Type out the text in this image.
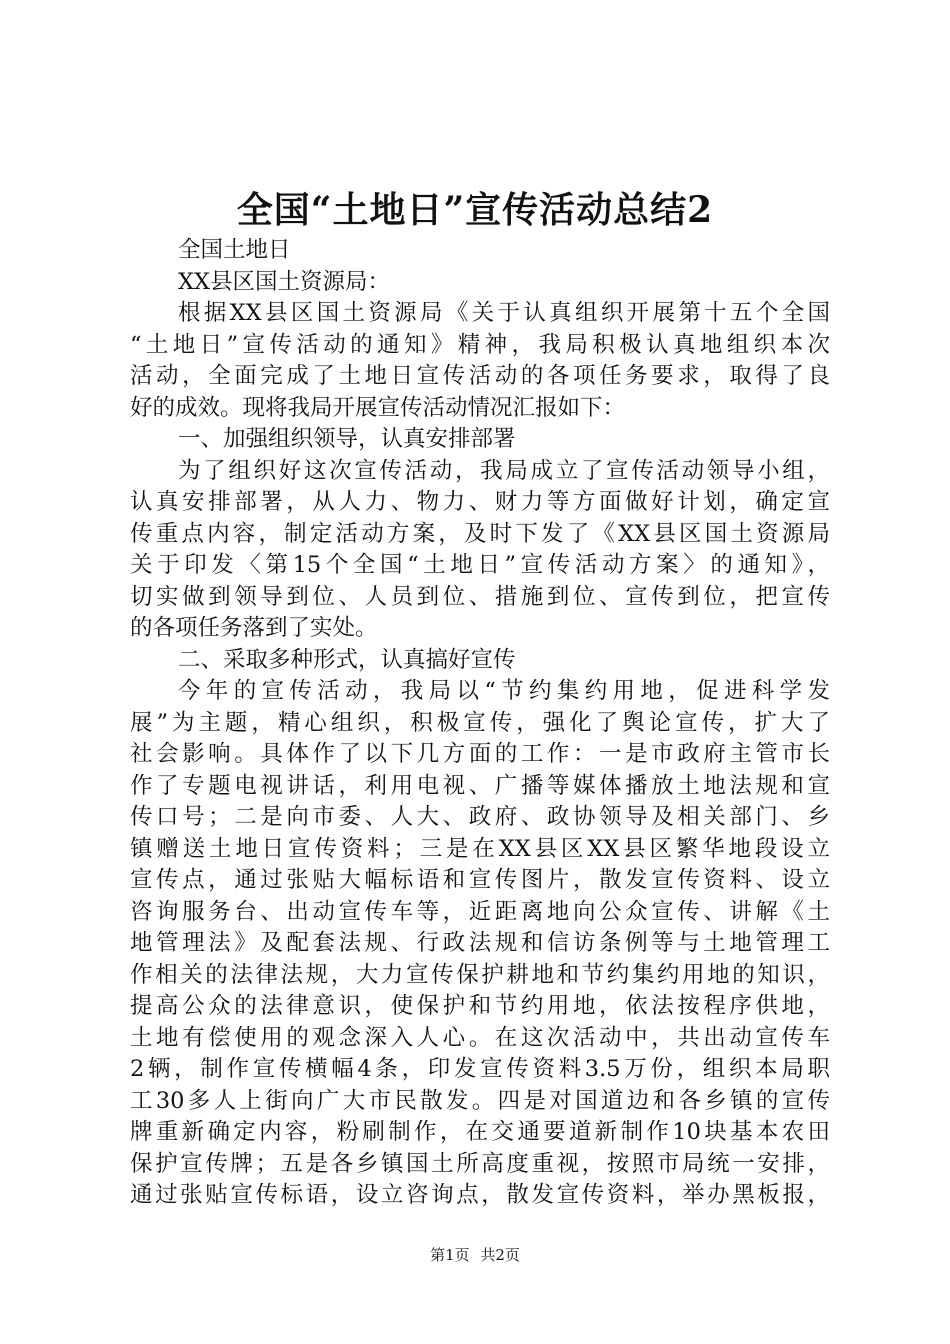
全国“土地日”宣传活动总结2
全国土地日
XX县区国土资源局：
根据XX县区国土资源局《关于认真组织开展第十五个全国
“土地日”宣传活动的通知》精神，我局积极认真地组织本次
活动，全面完成了土地日宣传活动的各项任务要求，取得了良
好的成效。现将我局开展宣传活动情况汇报如下：
一、加强组织领导，认真安排部署
为了组织好这次宣传活动，我局成立了宣传活动领导小组，
认真安排部署，从人力、物力、财力等方面做好计划，确定宣
传重点内容，制定活动方案，及时下发了《XX县区国土资源局
关于印发〈第15个全国“土地日”宣传活动方案〉的通知》，
切实做到领导到位、人员到位、措施到位、宣传到位，把宣传
的各项任务落到了实处。
二、采取多种形式，认真搞好宣传
今年的宣传活动，我局以“节约集约用地，促进科学发
展”为主题，精心组织，积极宣传，强化了舆论宣传，扩大了
社会影响。具体作了以下几方面的工作：一是市政府主管市长
作了专题电视讲话，利用电视、广播等媒体播放土地法规和宣
传口号；二是向市委、人大、政府、政协领导及相关部门、乡
镇赠送土地日宣传资料；三是在XX县区XX县区繁华地段设立
宣传点，通过张贴大幅标语和宣传图片，散发宣传资料、设立
咨询服务台、出动宣传车等，近距离地向公众宣传、讲解《土
地管理法》及配套法规、行政法规和信访条例等与土地管理工
作相关的法律法规，大力宣传保护耕地和节约集约用地的知识，
提高公众的法律意识，使保护和节约用地，依法按程序供地，
土地有偿使用的观念深入人心。在这次活动中，共出动宣传车
2辆，制作宣传横幅4条，印发宣传资料3.5万份，组织本局职
工30多人上街向广大市民散发。四是对国道边和各乡镇的宣传
牌重新确定内容，粉刷制作，在交通要道新制作10块基本农田
保护宣传牌；五是各乡镇国土所高度重视，按照市局统一安排，
通过张贴宣传标语，设立咨询点，散发宣传资料，举办黑板报，
第1页 共2页
